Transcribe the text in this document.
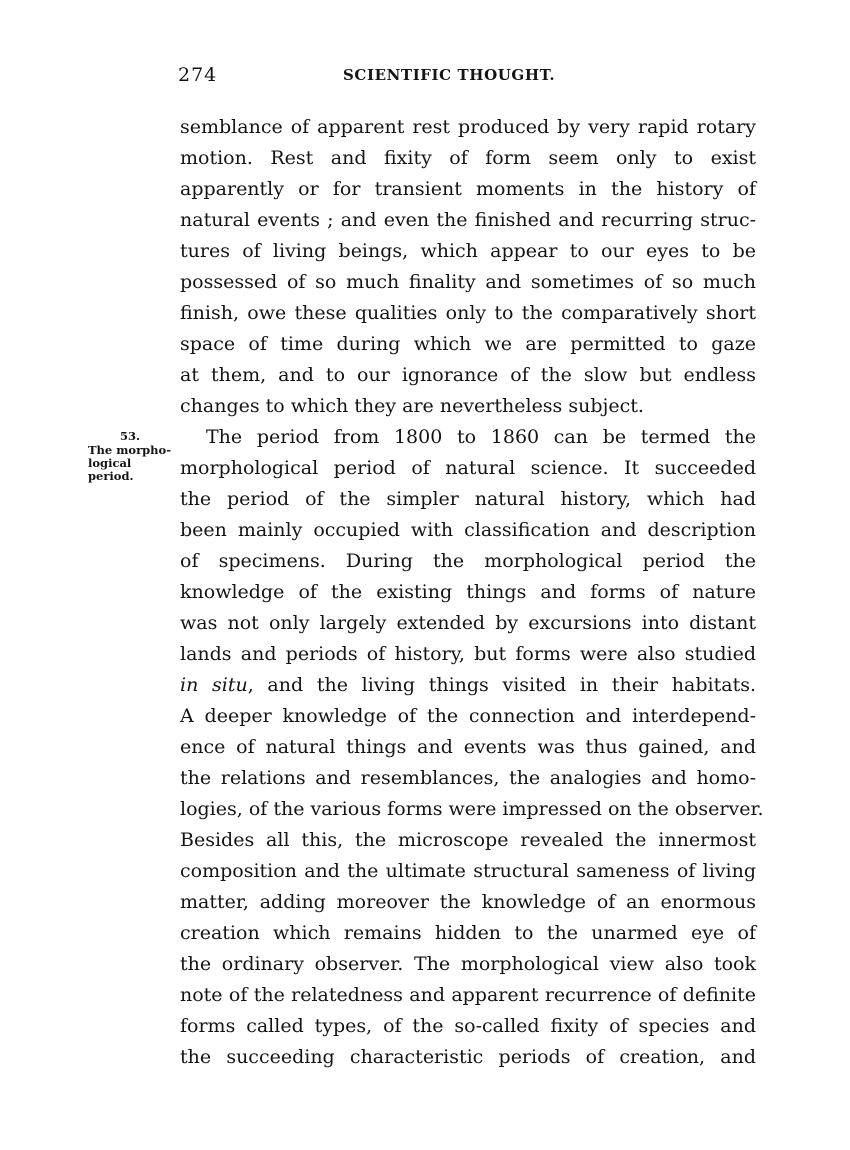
274	SCIENTIFIC THOUGHT.
53.
The morpho-
logical
period.
semblance of apparent rest produced by very rapid rotary
motion. Rest and fixity of form seem only to exist
apparently or for transient moments in the history of
natural events ; and even the finished and recurring struc-
tures of living beings, which appear to our eyes to be
possessed of so much finality and sometimes of so much
finish, owe these qualities only to the comparatively short
space of time during which we are permitted to gaze
at them, and to our ignorance of the slow but endless
changes to which they are nevertheless subject.
The period from 1800 to 1860 can be termed the
morphological period of natural science. It succeeded
the period of the simpler natural history, which had
been mainly occupied with classification and description
of specimens. During the morphological period the
knowledge of the existing things and forms of nature
was not only largely extended by excursions into distant
lands and periods of history, but forms were also studied
in situ, and the living things visited in their habitats.
A deeper knowledge of the connection and interdepend-
ence of natural things and events was thus gained, and
the relations and resemblances, the analogies and homo-
logies, of the various forms were impressed on the observer.
Besides all this, the microscope revealed the innermost
composition and the ultimate structural sameness of living
matter, adding moreover the knowledge of an enormous
creation which remains hidden to the unarmed eye of
the ordinary observer. The morphological view also took
note of the relatedness and apparent recurrence of definite
forms called types, of the so-called fixity of species and
the succeeding characteristic periods of creation, and
